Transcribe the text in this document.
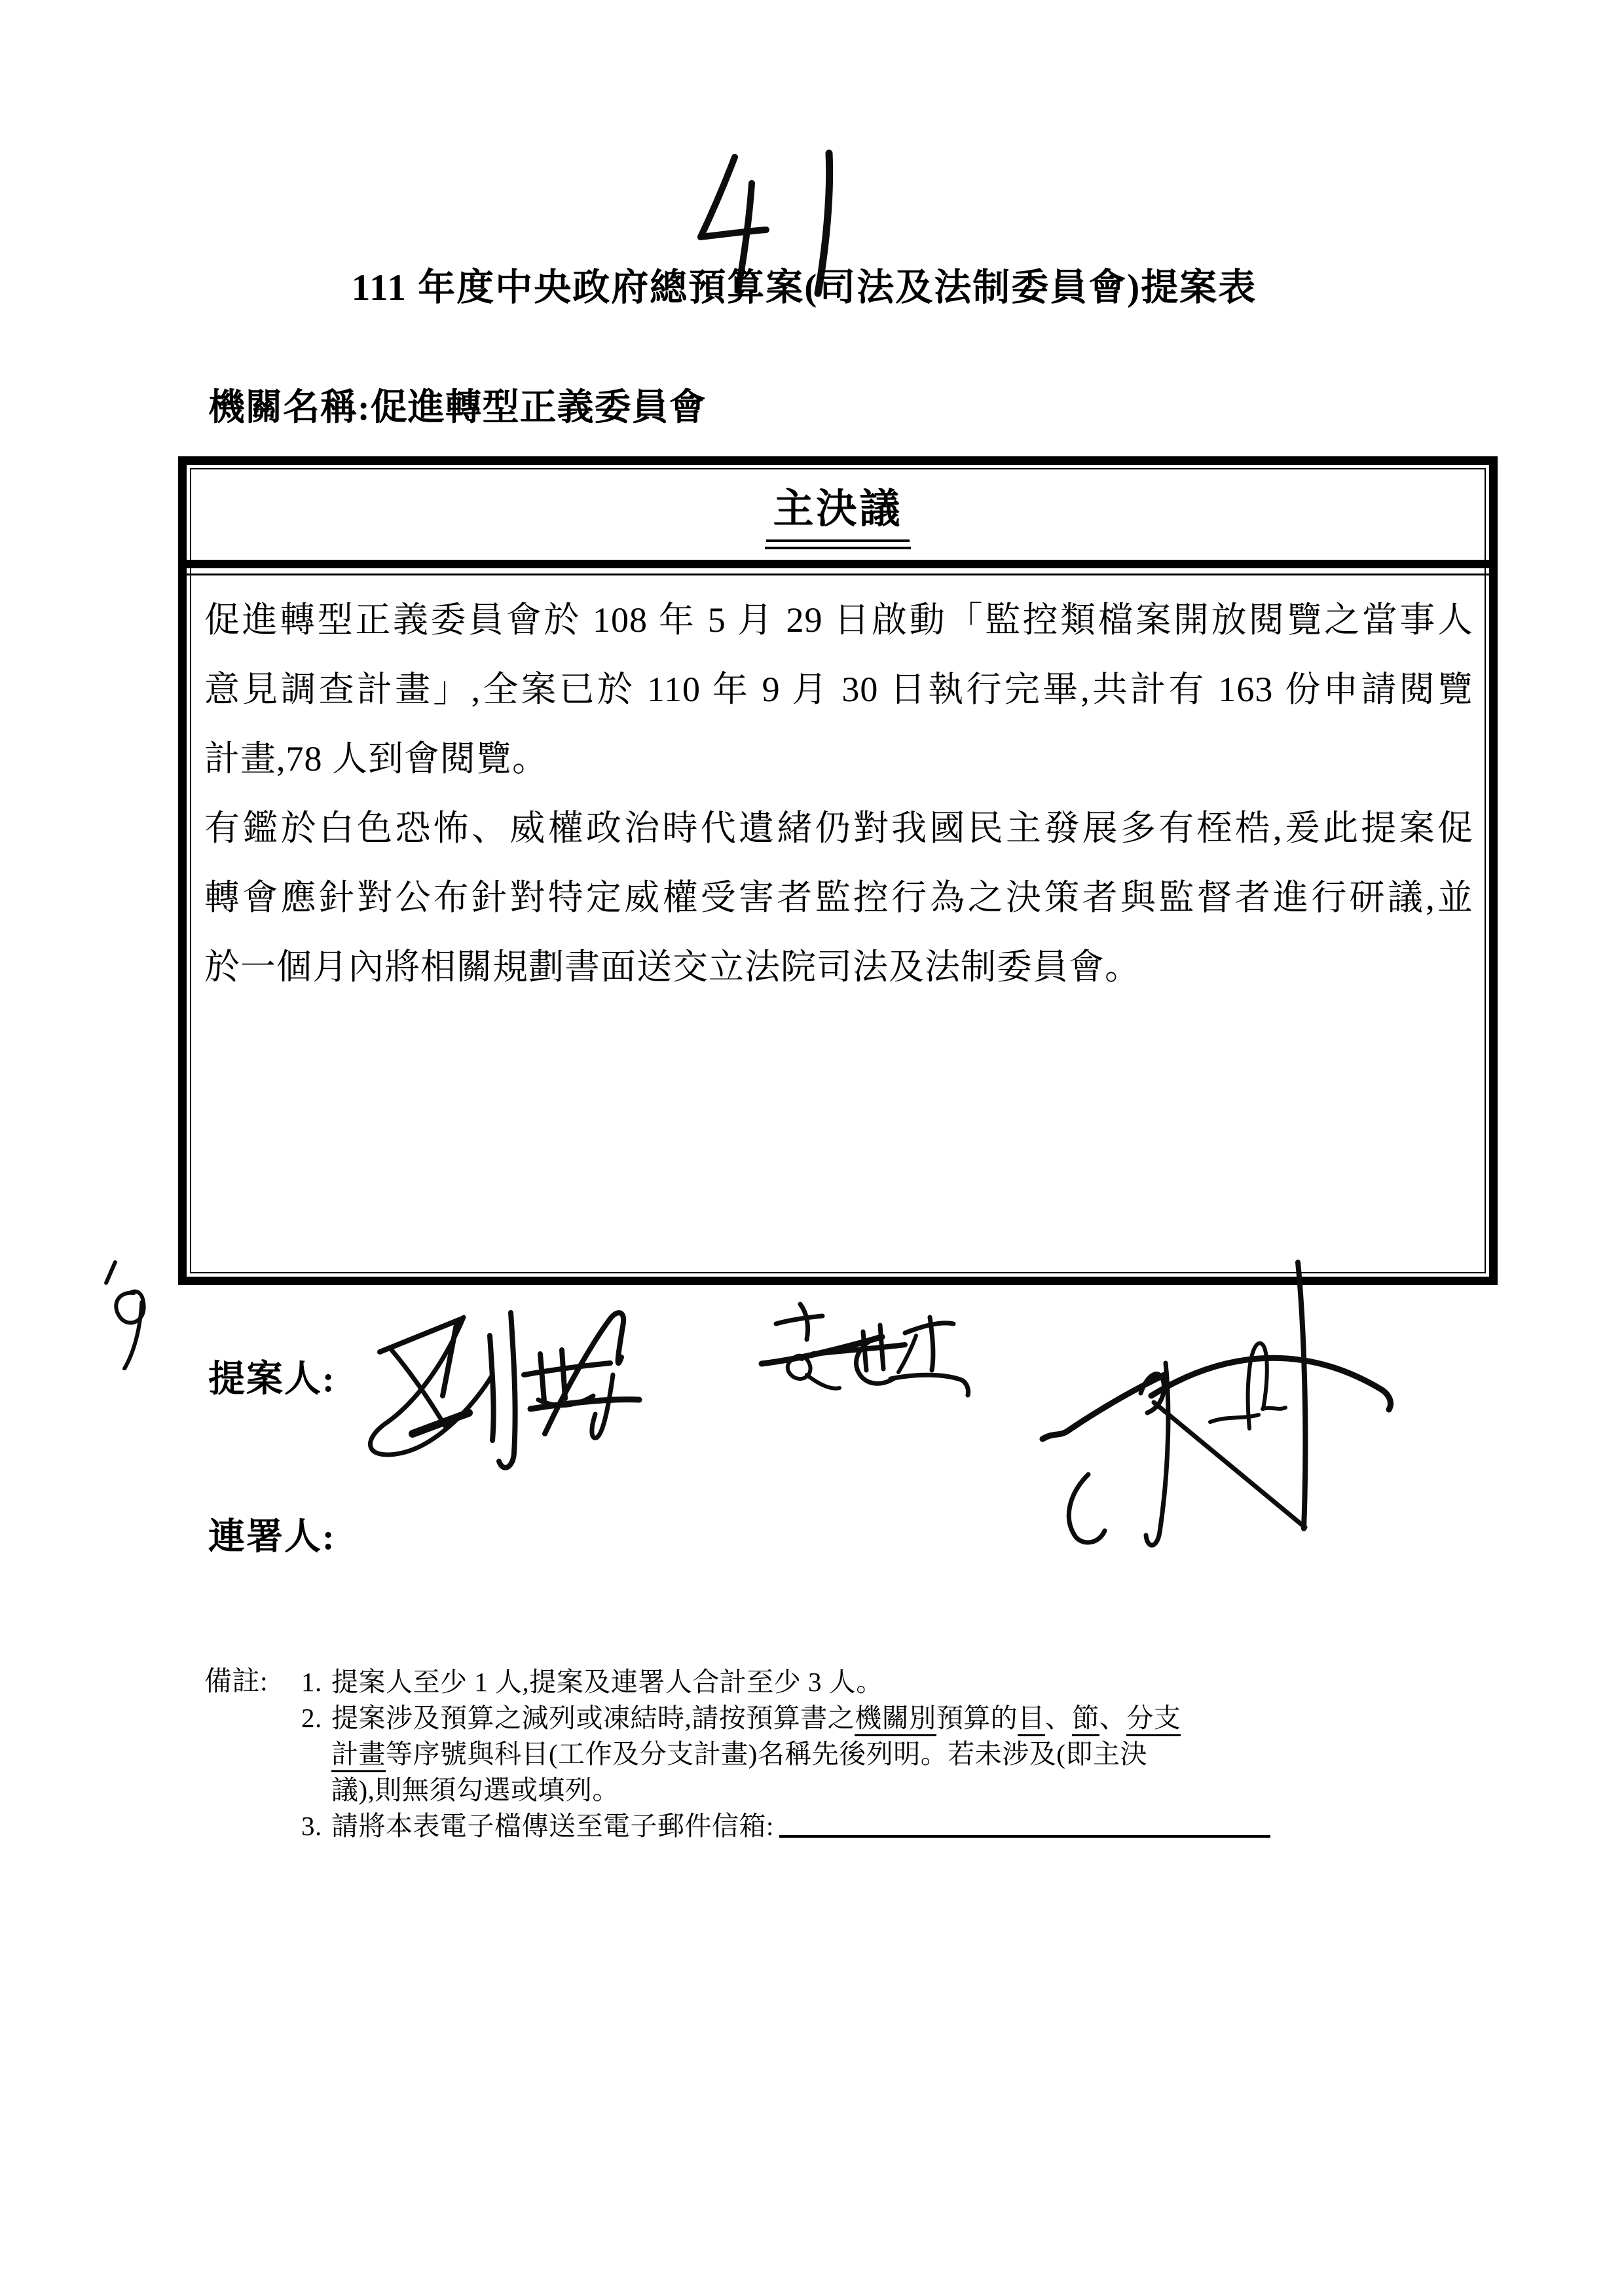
111 年度中央政府總預算案(司法及法制委員會)提案表
機關名稱:促進轉型正義委員會
主決議
促進轉型正義委員會於 108 年 5 月 29 日啟動「監控類檔案開放閱覽之當事人
意見調查計畫」,全案已於 110 年 9 月 30 日執行完畢,共計有 163 份申請閱覽
計畫,78 人到會閱覽。
有鑑於白色恐怖、威權政治時代遺緒仍對我國民主發展多有桎梏,爰此提案促
轉會應針對公布針對特定威權受害者監控行為之決策者與監督者進行研議,並
於一個月內將相關規劃書面送交立法院司法及法制委員會。
提案人:
連署人:
備註:	1. 提案人至少 1 人,提案及連署人合計至少 3 人。
2. 提案涉及預算之減列或凍結時,請按預算書之機關別預算的目、節、分支
計畫等序號與科目(工作及分支計畫)名稱先後列明。若未涉及(即主決
議),則無須勾選或填列。
3. 請將本表電子檔傳送至電子郵件信箱:
